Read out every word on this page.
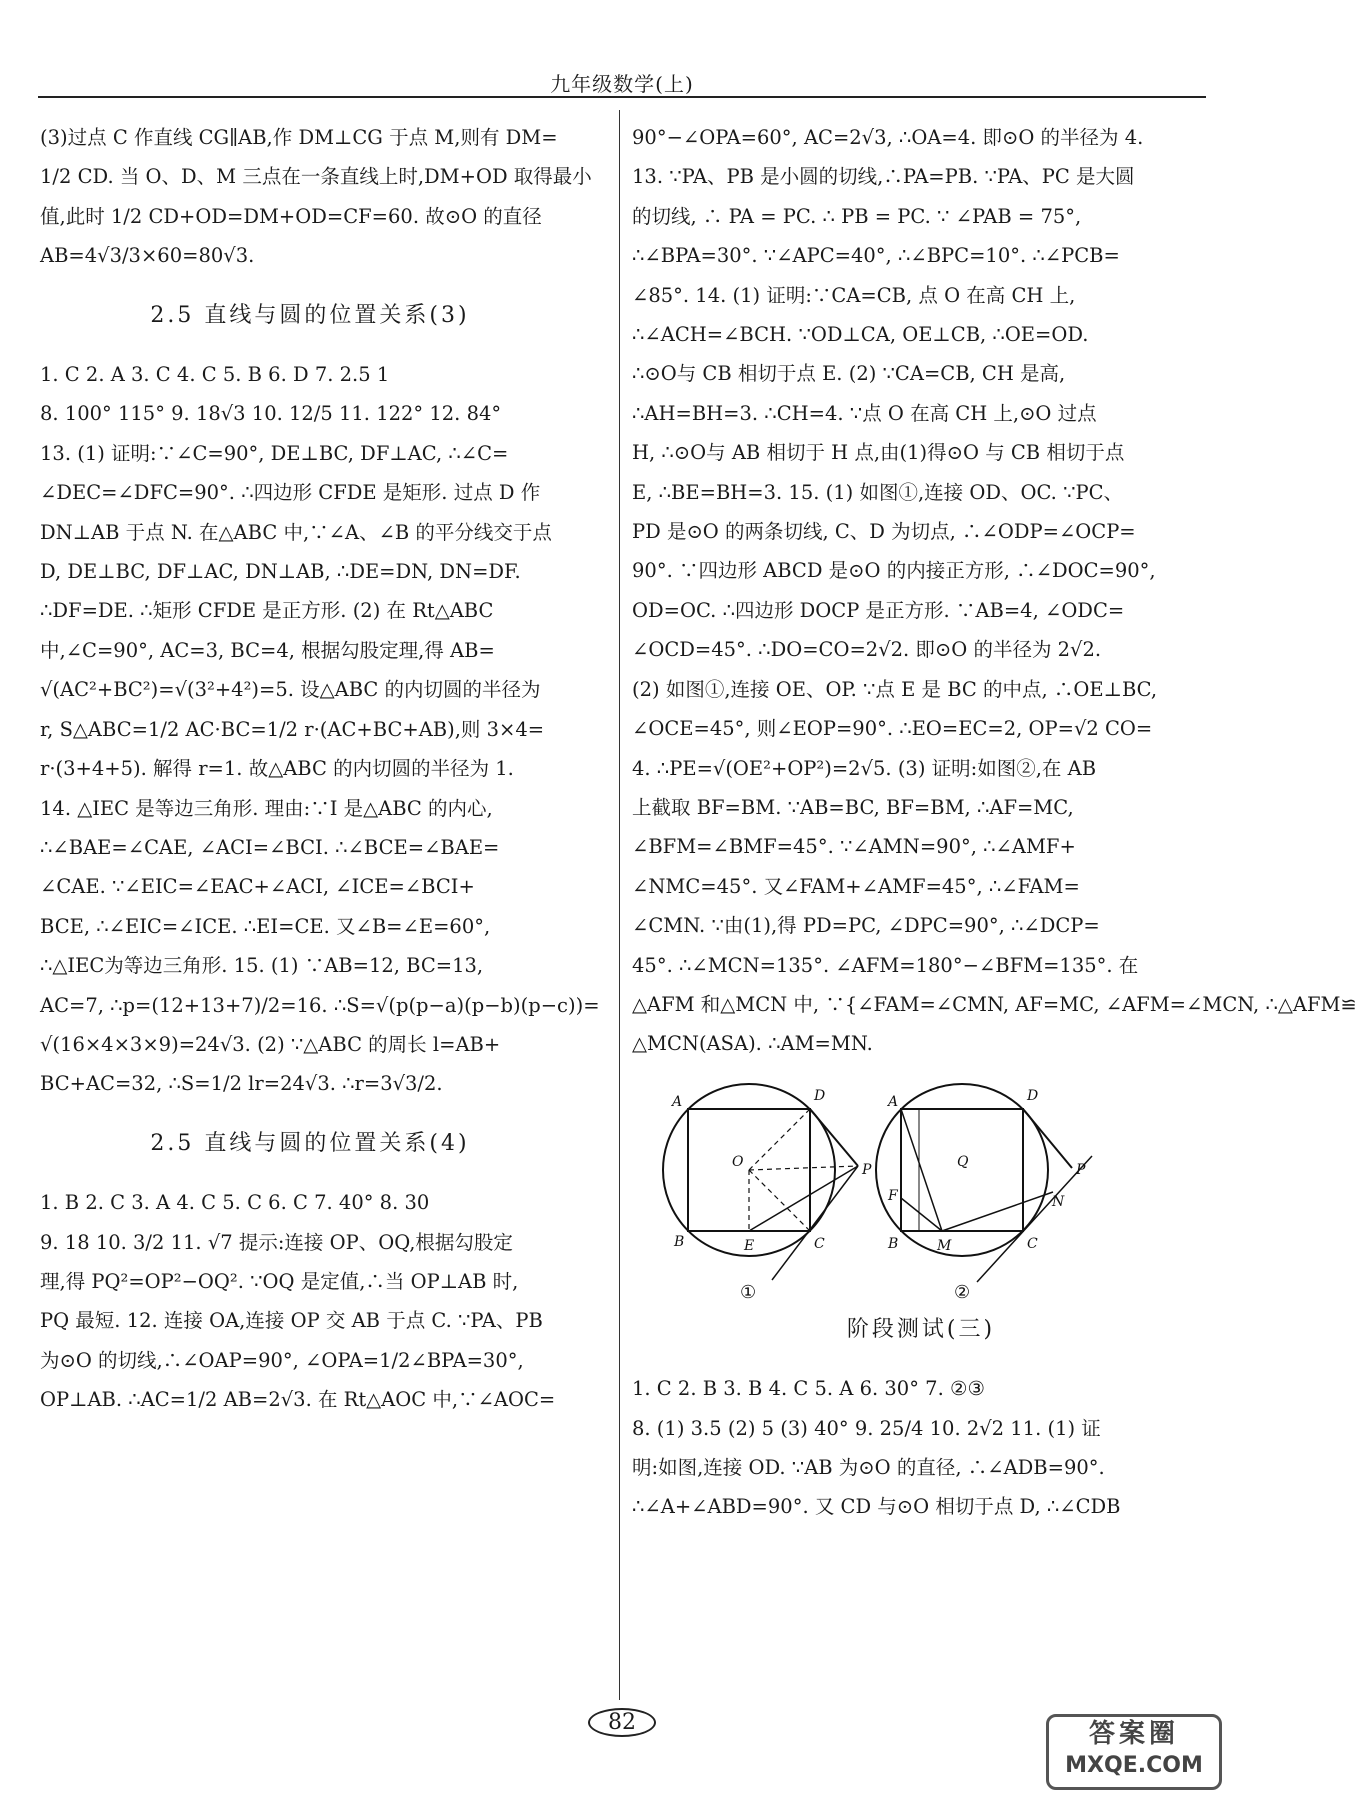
九年级数学(上)

(3)过点 C 作直线 CG∥AB,作 DM⊥CG 于点 M,则有 DM=

1/2 CD. 当 O、D、M 三点在一条直线上时,DM+OD 取得最小

值,此时 1/2 CD+OD=DM+OD=CF=60. 故⊙O 的直径

AB=4√3/3×60=80√3.

2.5 直线与圆的位置关系(3)

1. C 2. A 3. C 4. C 5. B 6. D 7. 2.5 1

8. 100° 115° 9. 18√3 10. 12/5 11. 122° 12. 84°

13. (1) 证明:∵∠C=90°, DE⊥BC, DF⊥AC, ∴∠C=

∠DEC=∠DFC=90°. ∴四边形 CFDE 是矩形. 过点 D 作

DN⊥AB 于点 N. 在△ABC 中,∵∠A、∠B 的平分线交于点

D, DE⊥BC, DF⊥AC, DN⊥AB, ∴DE=DN, DN=DF.

∴DF=DE. ∴矩形 CFDE 是正方形. (2) 在 Rt△ABC

中,∠C=90°, AC=3, BC=4, 根据勾股定理,得 AB=

√(AC²+BC²)=√(3²+4²)=5. 设△ABC 的内切圆的半径为

r, S△ABC=1/2 AC·BC=1/2 r·(AC+BC+AB),则 3×4=

r·(3+4+5). 解得 r=1. 故△ABC 的内切圆的半径为 1.

14. △IEC 是等边三角形. 理由:∵I 是△ABC 的内心,

∴∠BAE=∠CAE, ∠ACI=∠BCI. ∴∠BCE=∠BAE=

∠CAE. ∵∠EIC=∠EAC+∠ACI, ∠ICE=∠BCI+

BCE, ∴∠EIC=∠ICE. ∴EI=CE. 又∠B=∠E=60°,

∴△IEC为等边三角形. 15. (1) ∵AB=12, BC=13,

AC=7, ∴p=(12+13+7)/2=16. ∴S=√(p(p−a)(p−b)(p−c))=

√(16×4×3×9)=24√3. (2) ∵△ABC 的周长 l=AB+

BC+AC=32, ∴S=1/2 lr=24√3. ∴r=3√3/2.

2.5 直线与圆的位置关系(4)

1. B 2. C 3. A 4. C 5. C 6. C 7. 40° 8. 30

9. 18 10. 3/2 11. √7 提示:连接 OP、OQ,根据勾股定

理,得 PQ²=OP²−OQ². ∵OQ 是定值,∴当 OP⊥AB 时,

PQ 最短. 12. 连接 OA,连接 OP 交 AB 于点 C. ∵PA、PB

为⊙O 的切线,∴∠OAP=90°, ∠OPA=1/2∠BPA=30°,

OP⊥AB. ∴AC=1/2 AB=2√3. 在 Rt△AOC 中,∵∠AOC=

90°−∠OPA=60°, AC=2√3, ∴OA=4. 即⊙O 的半径为 4.

13. ∵PA、PB 是小圆的切线,∴PA=PB. ∵PA、PC 是大圆

的切线, ∴ PA = PC. ∴ PB = PC. ∵ ∠PAB = 75°,

∴∠BPA=30°. ∵∠APC=40°, ∴∠BPC=10°. ∴∠PCB=

∠85°. 14. (1) 证明:∵CA=CB, 点 O 在高 CH 上,

∴∠ACH=∠BCH. ∵OD⊥CA, OE⊥CB, ∴OE=OD.

∴⊙O与 CB 相切于点 E. (2) ∵CA=CB, CH 是高,

∴AH=BH=3. ∴CH=4. ∵点 O 在高 CH 上,⊙O 过点

H, ∴⊙O与 AB 相切于 H 点,由(1)得⊙O 与 CB 相切于点

E, ∴BE=BH=3. 15. (1) 如图①,连接 OD、OC. ∵PC、

PD 是⊙O 的两条切线, C、D 为切点, ∴∠ODP=∠OCP=

90°. ∵四边形 ABCD 是⊙O 的内接正方形, ∴∠DOC=90°,

OD=OC. ∴四边形 DOCP 是正方形. ∵AB=4, ∠ODC=

∠OCD=45°. ∴DO=CO=2√2. 即⊙O 的半径为 2√2.

(2) 如图①,连接 OE、OP. ∵点 E 是 BC 的中点, ∴OE⊥BC,

∠OCE=45°, 则∠EOP=90°. ∴EO=EC=2, OP=√2 CO=

4. ∴PE=√(OE²+OP²)=2√5. (3) 证明:如图②,在 AB

上截取 BF=BM. ∵AB=BC, BF=BM, ∴AF=MC,

∠BFM=∠BMF=45°. ∵∠AMN=90°, ∴∠AMF+

∠NMC=45°. 又∠FAM+∠AMF=45°, ∴∠FAM=

∠CMN. ∵由(1),得 PD=PC, ∠DPC=90°, ∴∠DCP=

45°. ∴∠MCN=135°. ∠AFM=180°−∠BFM=135°. 在

△AFM 和△MCN 中, ∵{∠FAM=∠CMN, AF=MC, ∠AFM=∠MCN, ∴△AFM≌

△MCN(ASA). ∴AM=MN.

A	D
O	P
B	E	C
①
A	D
Q	P
N
F
B	M	C
②

阶段测试(三)

1. C 2. B 3. B 4. C 5. A 6. 30° 7. ②③

8. (1) 3.5 (2) 5 (3) 40° 9. 25/4 10. 2√2 11. (1) 证

明:如图,连接 OD. ∵AB 为⊙O 的直径, ∴∠ADB=90°.

∴∠A+∠ABD=90°. 又 CD 与⊙O 相切于点 D, ∴∠CDB

82	答案圈
MXQE.COM
